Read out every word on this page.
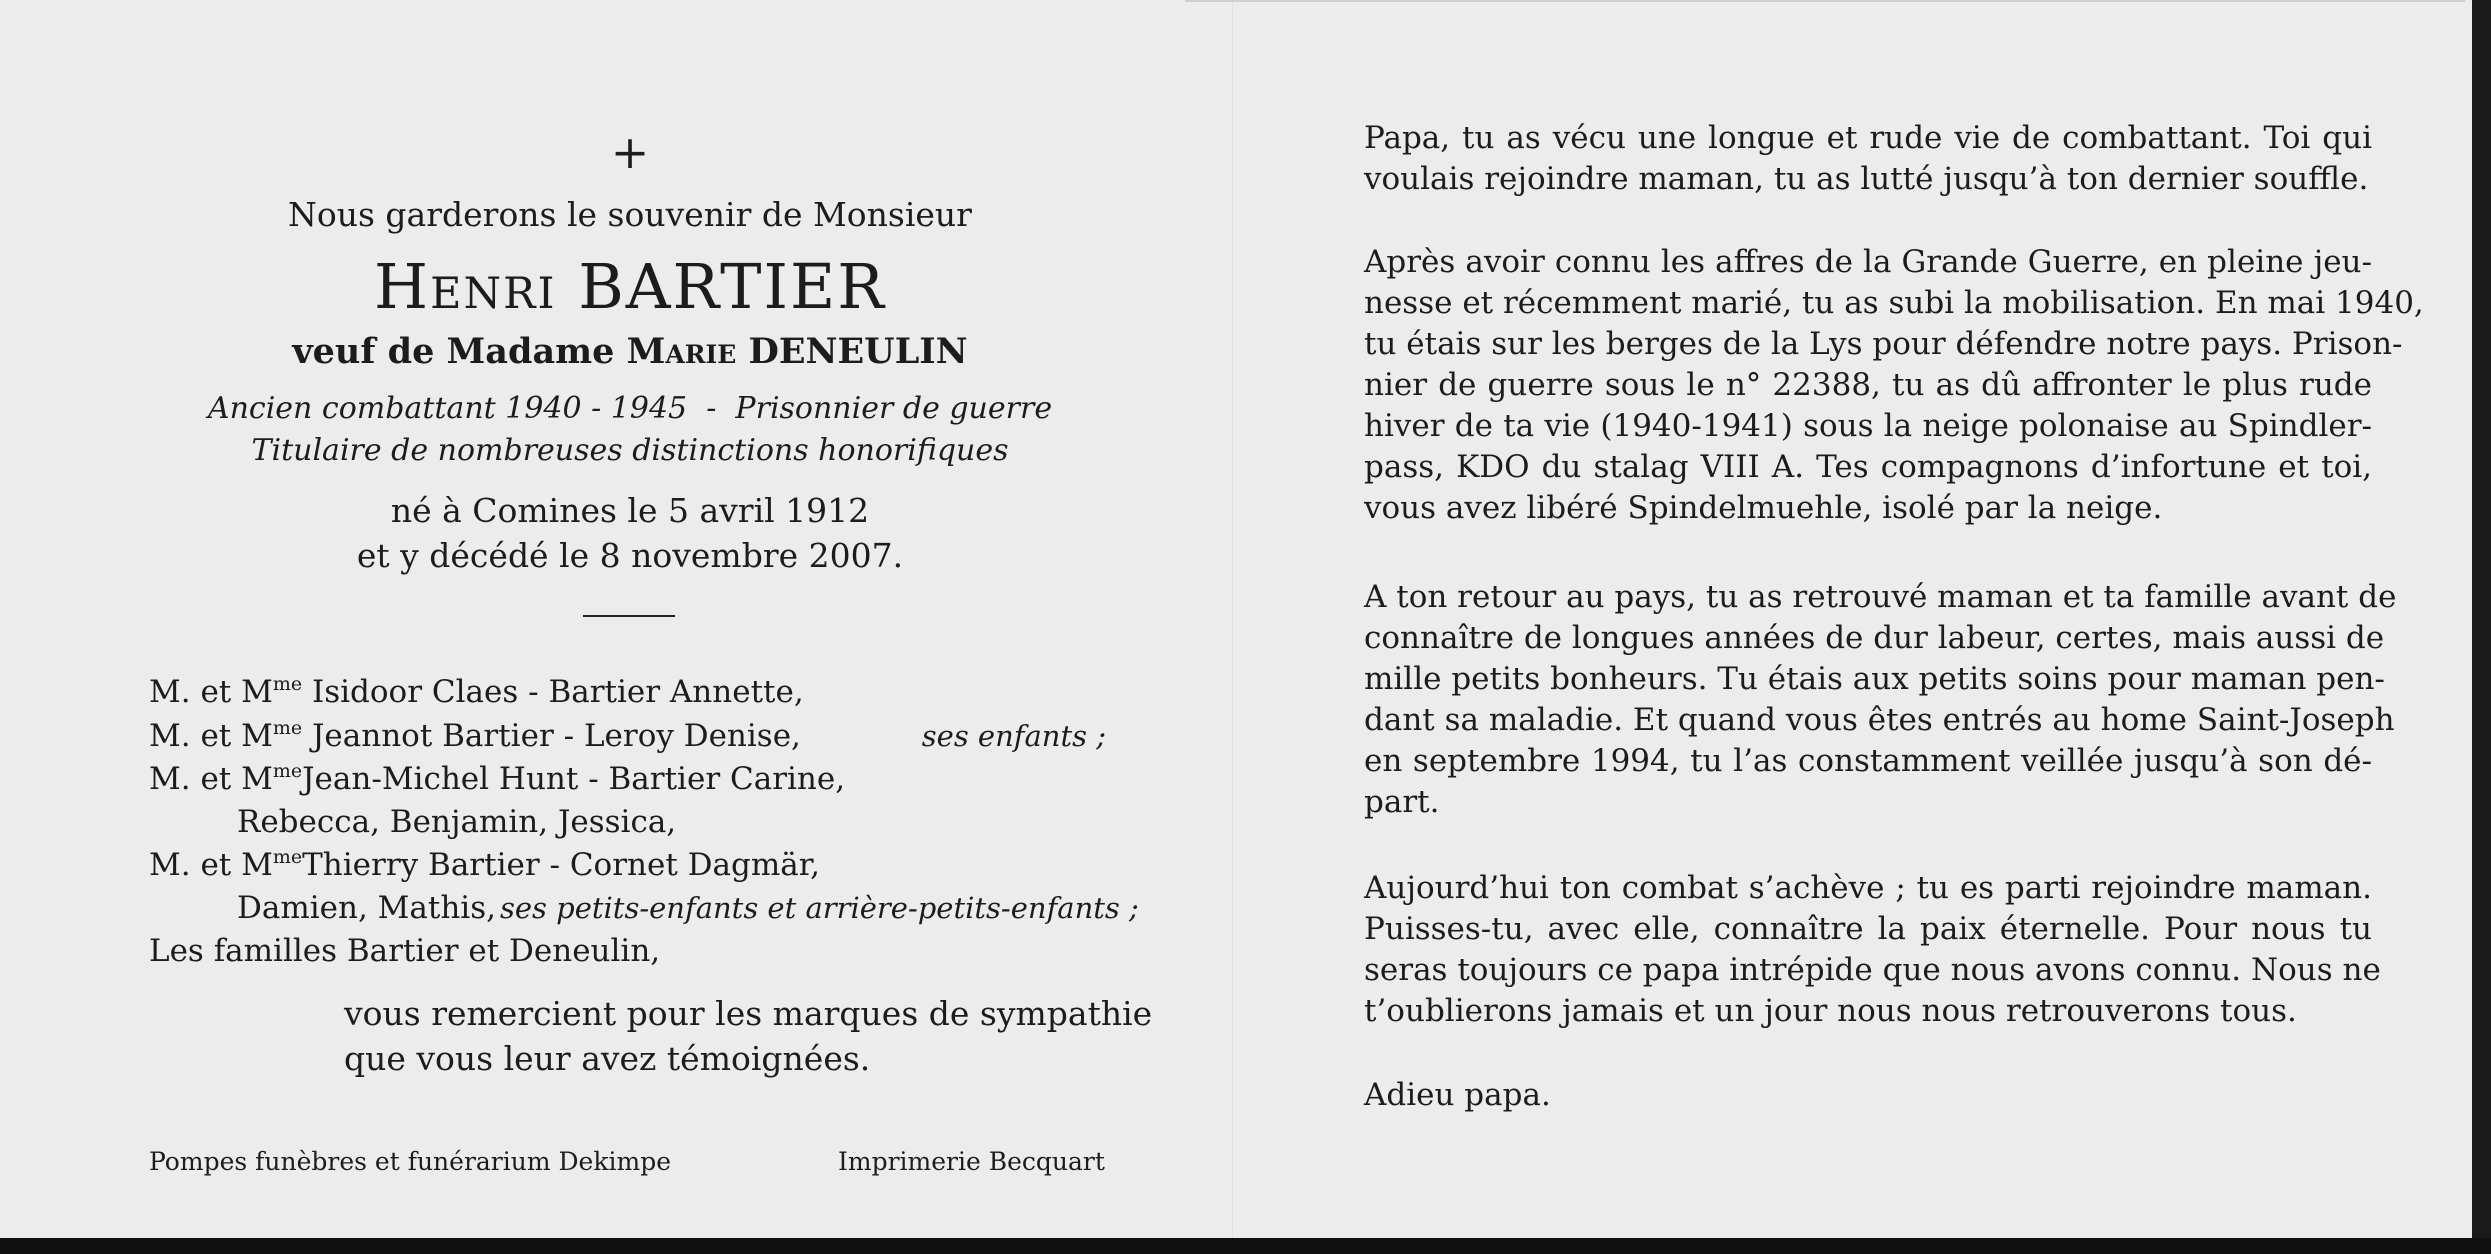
+
Nous garderons le souvenir de Monsieur
Henri BARTIER
veuf de Madame Marie DENEULIN
Ancien combattant 1940 - 1945  -  Prisonnier de guerre
Titulaire de nombreuses distinctions honorifiques
né à Comines le 5 avril 1912
et y décédé le 8 novembre 2007.
M. et $M^{me}$ Isidoor Claes - Bartier Annette,
M. et $M^{me}$ Jeannot Bartier - Leroy Denise,	ses enfants ;
M. et $M^{me}Jean$-Michel Hunt - Bartier Carine,
Rebecca, Benjamin, Jessica,
M. et $M^{me}Thierry$ Bartier - Cornet Dagmär,
Damien, Mathis, ses petits-enfants et arrière-petits-enfants ;
Les familles Bartier et Deneulin,
vous remercient pour les marques de sympathie
que vous leur avez témoignées.
Pompes funèbres et funérarium Dekimpe	Imprimerie Becquart

Papa, tu as vécu une longue et rude vie de combattant. Toi qui
voulais rejoindre maman, tu as lutté jusqu’à ton dernier souffle.

Après avoir connu les affres de la Grande Guerre, en pleine jeu-
nesse et récemment marié, tu as subi la mobilisation. En mai 1940,
tu étais sur les berges de la Lys pour défendre notre pays. Prison-
nier de guerre sous le n° 22388, tu as dû affronter le plus rude
hiver de ta vie (1940-1941) sous la neige polonaise au Spindler-
pass, KDO du stalag VIII A. Tes compagnons d’infortune et toi,
vous avez libéré Spindelmuehle, isolé par la neige.

A ton retour au pays, tu as retrouvé maman et ta famille avant de
connaître de longues années de dur labeur, certes, mais aussi de
mille petits bonheurs. Tu étais aux petits soins pour maman pen-
dant sa maladie. Et quand vous êtes entrés au home Saint-Joseph
en septembre 1994, tu l’as constamment veillée jusqu’à son dé-
part.

Aujourd’hui ton combat s’achève ; tu es parti rejoindre maman.
Puisses-tu, avec elle, connaître la paix éternelle. Pour nous tu
seras toujours ce papa intrépide que nous avons connu. Nous ne
t’oublierons jamais et un jour nous nous retrouverons tous.

Adieu papa.
